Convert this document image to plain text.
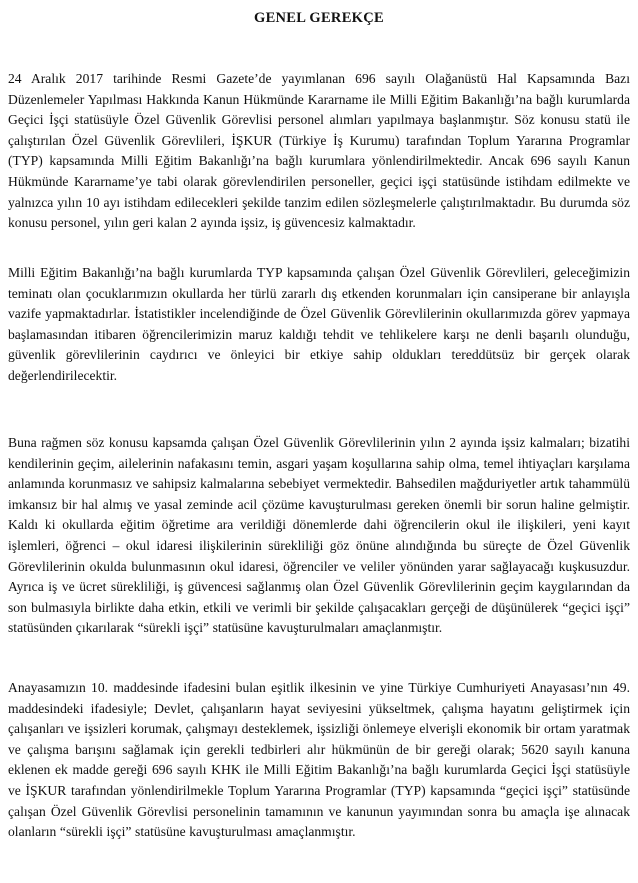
GENEL GEREKÇE

24 Aralık 2017 tarihinde Resmi Gazete’de yayımlanan 696 sayılı Olağanüstü Hal Kapsamında Bazı Düzenlemeler Yapılması Hakkında Kanun Hükmünde Kararname ile Milli Eğitim Bakanlığı’na bağlı kurumlarda Geçici İşçi statüsüyle Özel Güvenlik Görevlisi personel alımları yapılmaya başlanmıştır. Söz konusu statü ile çalıştırılan Özel Güvenlik Görevlileri, İŞKUR (Türkiye İş Kurumu) tarafından Toplum Yararına Programlar (TYP) kapsamında Milli Eğitim Bakanlığı’na bağlı kurumlara yönlendirilmektedir. Ancak 696 sayılı Kanun Hükmünde Kararname’ye tabi olarak görevlendirilen personeller, geçici işçi statüsünde istihdam edilmekte ve yalnızca yılın 10 ayı istihdam edilecekleri şekilde tanzim edilen sözleşmelerle çalıştırılmaktadır. Bu durumda söz konusu personel, yılın geri kalan 2 ayında işsiz, iş güvencesiz kalmaktadır.

Milli Eğitim Bakanlığı’na bağlı kurumlarda TYP kapsamında çalışan Özel Güvenlik Görevlileri, geleceğimizin teminatı olan çocuklarımızın okullarda her türlü zararlı dış etkenden korunmaları için cansiperane bir anlayışla vazife yapmaktadırlar. İstatistikler incelendiğinde de Özel Güvenlik Görevlilerinin okullarımızda görev yapmaya başlamasından itibaren öğrencilerimizin maruz kaldığı tehdit ve tehlikelere karşı ne denli başarılı olunduğu, güvenlik görevlilerinin caydırıcı ve önleyici bir etkiye sahip oldukları tereddütsüz bir gerçek olarak değerlendirilecektir.

Buna rağmen söz konusu kapsamda çalışan Özel Güvenlik Görevlilerinin yılın 2 ayında işsiz kalmaları; bizatihi kendilerinin geçim, ailelerinin nafakasını temin, asgari yaşam koşullarına sahip olma, temel ihtiyaçları karşılama anlamında korunmasız ve sahipsiz kalmalarına sebebiyet vermektedir. Bahsedilen mağduriyetler artık tahammülü imkansız bir hal almış ve yasal zeminde acil çözüme kavuşturulması gereken önemli bir sorun haline gelmiştir. Kaldı ki okullarda eğitim öğretime ara verildiği dönemlerde dahi öğrencilerin okul ile ilişkileri, yeni kayıt işlemleri, öğrenci – okul idaresi ilişkilerinin sürekliliği göz önüne alındığında bu süreçte de Özel Güvenlik Görevlilerinin okulda bulunmasının okul idaresi, öğrenciler ve veliler yönünden yarar sağlayacağı kuşkusuzdur. Ayrıca iş ve ücret sürekliliği, iş güvencesi sağlanmış olan Özel Güvenlik Görevlilerinin geçim kaygılarından da son bulmasıyla birlikte daha etkin, etkili ve verimli bir şekilde çalışacakları gerçeği de düşünülerek “geçici işçi” statüsünden çıkarılarak “sürekli işçi” statüsüne kavuşturulmaları amaçlanmıştır.

Anayasamızın 10. maddesinde ifadesini bulan eşitlik ilkesinin ve yine Türkiye Cumhuriyeti Anayasası’nın 49. maddesindeki ifadesiyle; Devlet, çalışanların hayat seviyesini yükseltmek, çalışma hayatını geliştirmek için çalışanları ve işsizleri korumak, çalışmayı desteklemek, işsizliği önlemeye elverişli ekonomik bir ortam yaratmak ve çalışma barışını sağlamak için gerekli tedbirleri alır hükmünün de bir gereği olarak; 5620 sayılı kanuna eklenen ek madde gereği 696 sayılı KHK ile Milli Eğitim Bakanlığı’na bağlı kurumlarda Geçici İşçi statüsüyle ve İŞKUR tarafından yönlendirilmekle Toplum Yararına Programlar (TYP) kapsamında “geçici işçi” statüsünde çalışan Özel Güvenlik Görevlisi personelinin tamamının ve kanunun yayımından sonra bu amaçla işe alınacak olanların “sürekli işçi” statüsüne kavuşturulması amaçlanmıştır.
